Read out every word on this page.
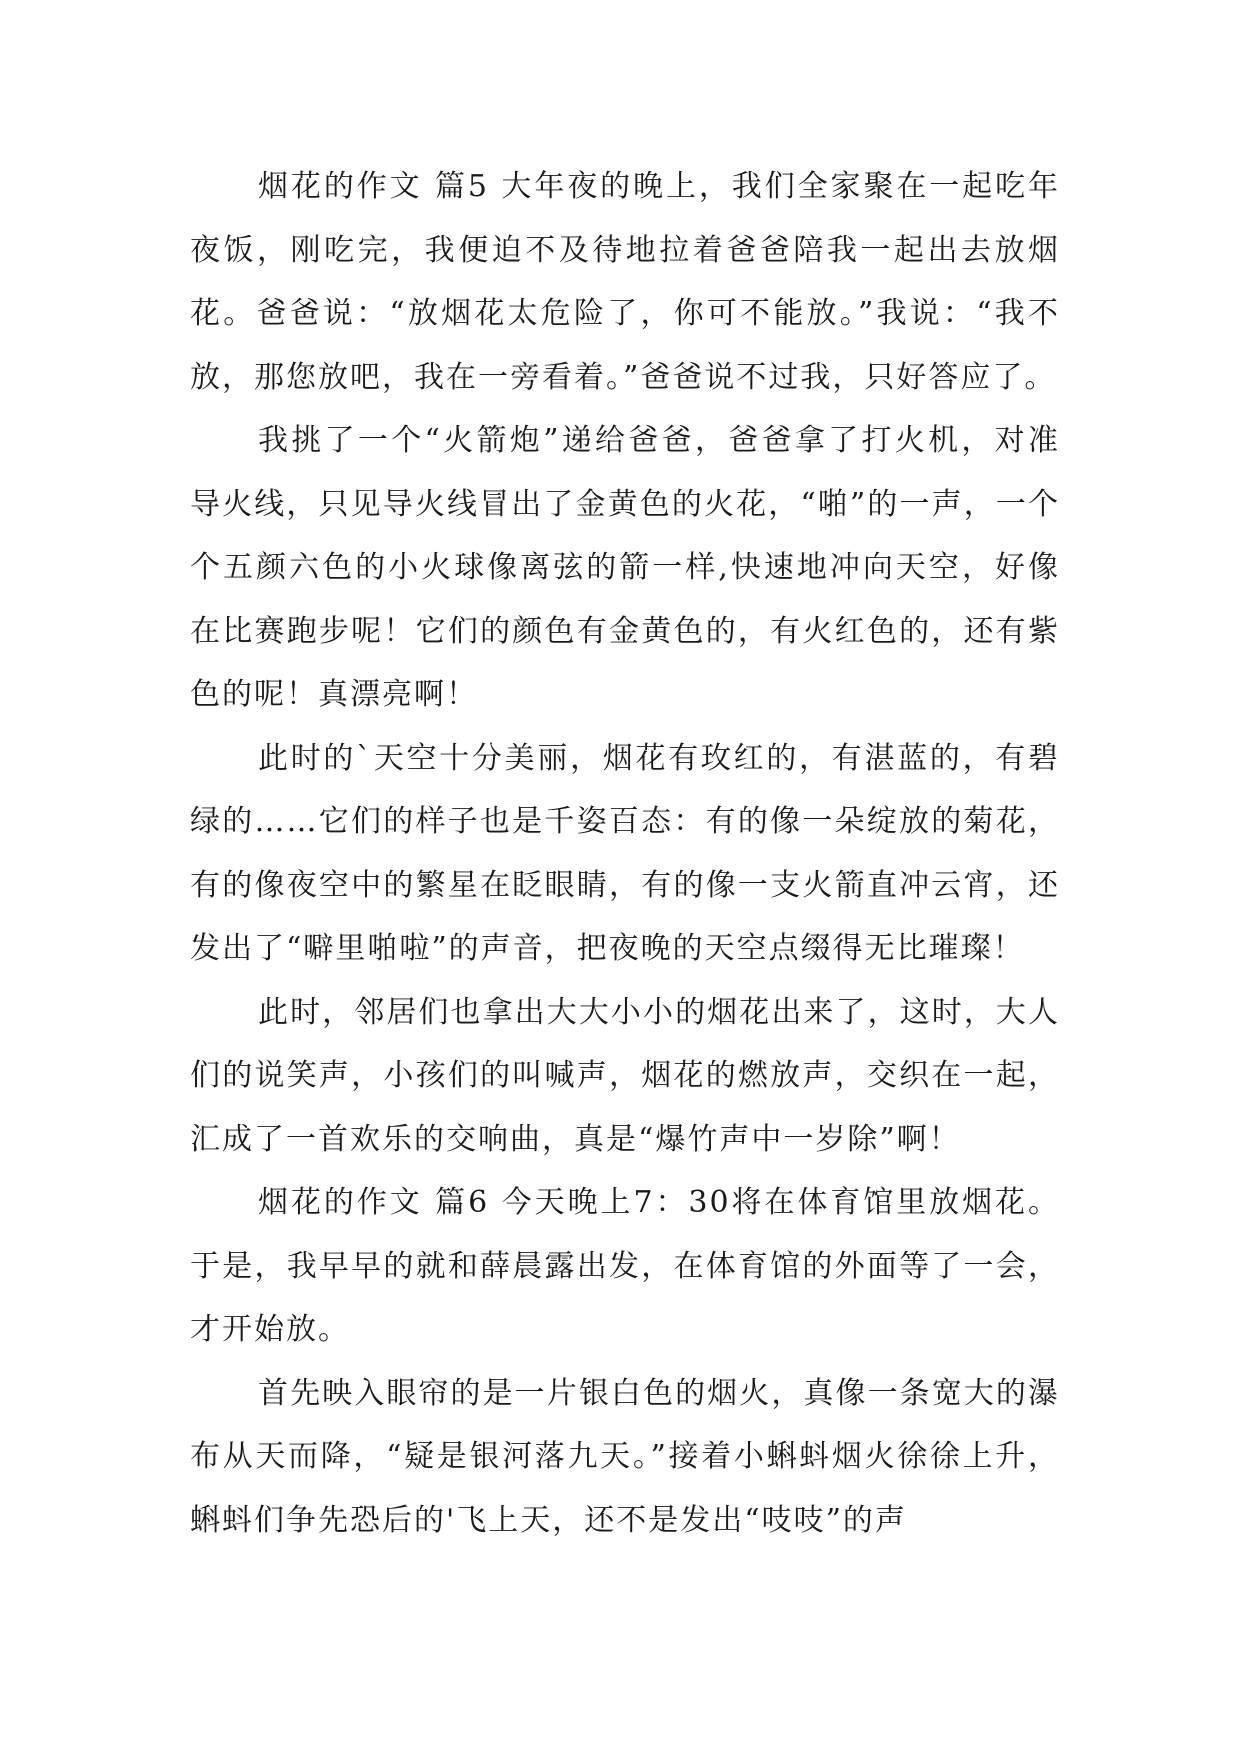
烟花的作文 篇5 大年夜的晚上，我们全家聚在一起吃年夜饭，刚吃完，我便迫不及待地拉着爸爸陪我一起出去放烟花。爸爸说：“放烟花太危险了，你可不能放。”我说：“我不放，那您放吧，我在一旁看着。”爸爸说不过我，只好答应了。

我挑了一个“火箭炮”递给爸爸，爸爸拿了打火机，对准导火线，只见导火线冒出了金黄色的火花，“啪”的一声，一个个五颜六色的小火球像离弦的箭一样,快速地冲向天空，好像在比赛跑步呢！它们的颜色有金黄色的，有火红色的，还有紫色的呢！真漂亮啊！

此时的`天空十分美丽，烟花有玫红的，有湛蓝的，有碧绿的……它们的样子也是千姿百态：有的像一朵绽放的菊花，有的像夜空中的繁星在眨眼睛，有的像一支火箭直冲云宵，还发出了“噼里啪啦”的声音，把夜晚的天空点缀得无比璀璨！

此时，邻居们也拿出大大小小的烟花出来了，这时，大人们的说笑声，小孩们的叫喊声，烟花的燃放声，交织在一起，汇成了一首欢乐的交响曲，真是“爆竹声中一岁除”啊！

烟花的作文 篇6 今天晚上7：30将在体育馆里放烟花。于是，我早早的就和薛晨露出发，在体育馆的外面等了一会，才开始放。

首先映入眼帘的是一片银白色的烟火，真像一条宽大的瀑布从天而降，“疑是银河落九天。”接着小蝌蚪烟火徐徐上升，蝌蚪们争先恐后的'飞上天，还不是发出“吱吱”的声
